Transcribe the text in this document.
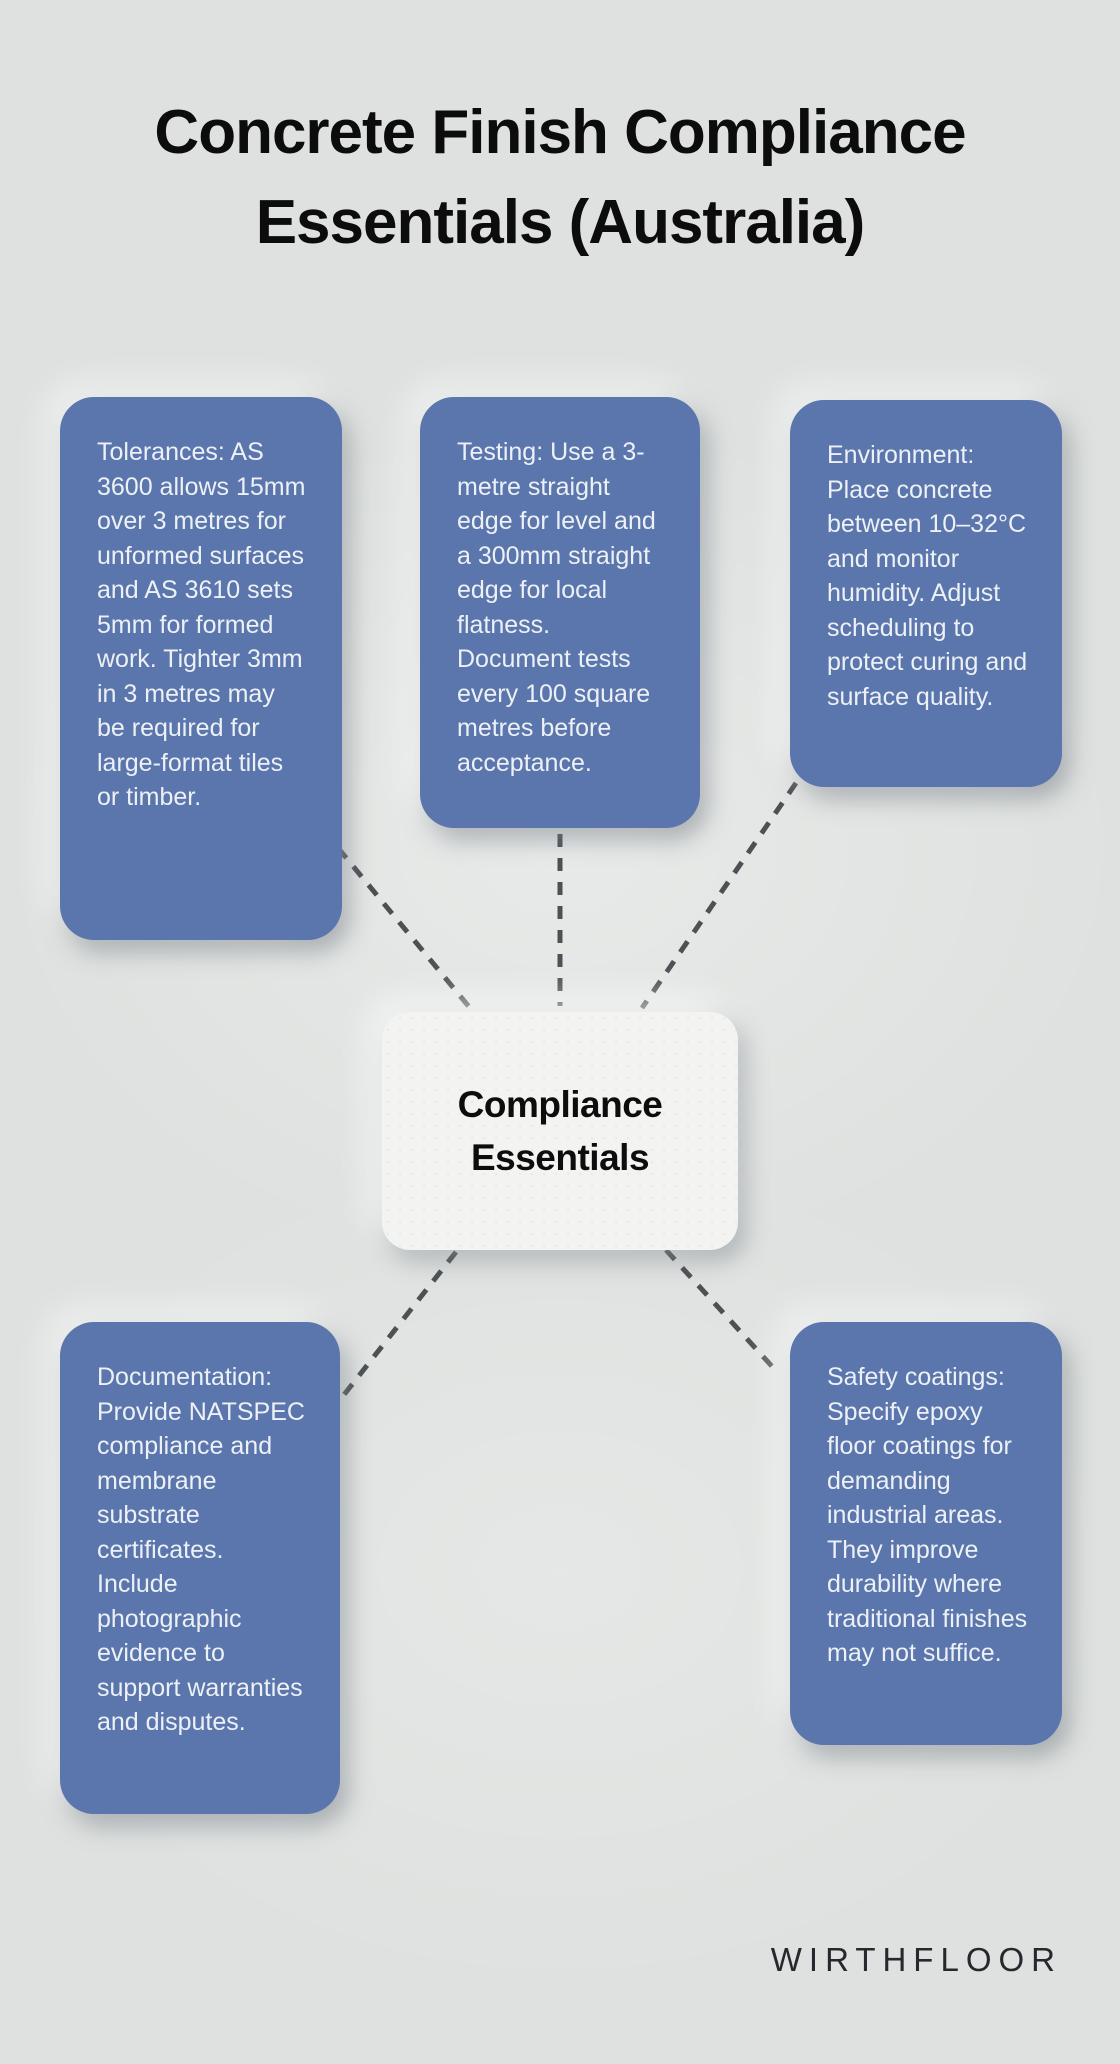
Concrete Finish Compliance
Essentials (Australia)

Tolerances: AS 3600 allows 15mm over 3 metres for unformed surfaces and AS 3610 sets 5mm for formed work. Tighter 3mm in 3 metres may be required for large-format tiles or timber.

Testing: Use a 3-metre straight edge for level and a 300mm straight edge for local flatness. Document tests every 100 square metres before acceptance.

Environment: Place concrete between 10–32°C and monitor humidity. Adjust scheduling to protect curing and surface quality.

Compliance
Essentials

Documentation: Provide NATSPEC compliance and membrane substrate certificates. Include photographic evidence to support warranties and disputes.

Safety coatings: Specify epoxy floor coatings for demanding industrial areas. They improve durability where traditional finishes may not suffice.

WIRTHFLOOR
